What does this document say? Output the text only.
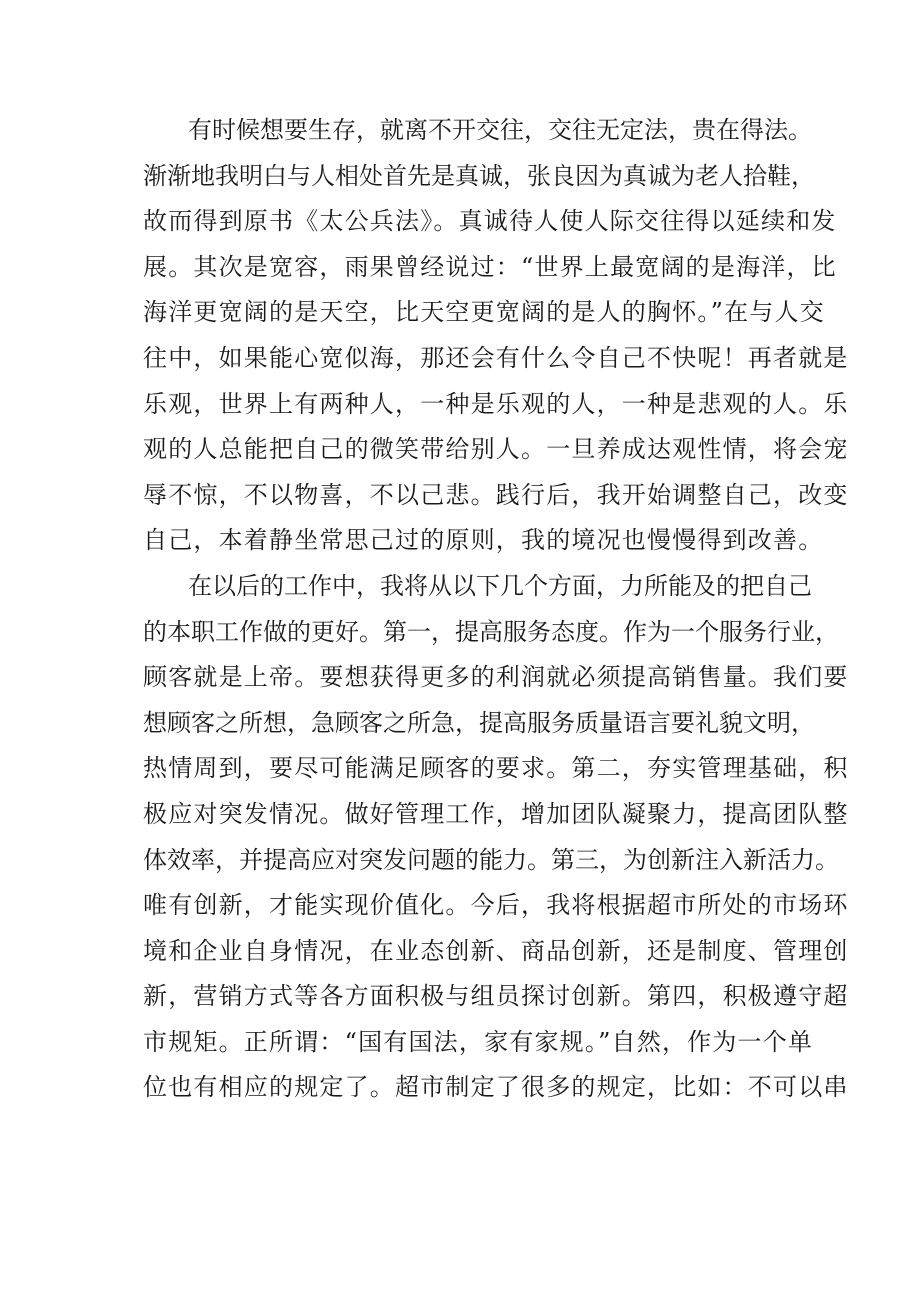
有时候想要生存，就离不开交往，交往无定法，贵在得法。
渐渐地我明白与人相处首先是真诚，张良因为真诚为老人拾鞋，
故而得到原书《太公兵法》。真诚待人使人际交往得以延续和发
展。其次是宽容，雨果曾经说过：“世界上最宽阔的是海洋，比
海洋更宽阔的是天空，比天空更宽阔的是人的胸怀。”在与人交
往中，如果能心宽似海，那还会有什么令自己不快呢！再者就是
乐观，世界上有两种人，一种是乐观的人，一种是悲观的人。乐
观的人总能把自己的微笑带给别人。一旦养成达观性情，将会宠
辱不惊，不以物喜，不以己悲。践行后，我开始调整自己，改变
自己，本着静坐常思己过的原则，我的境况也慢慢得到改善。
在以后的工作中，我将从以下几个方面，力所能及的把自己
的本职工作做的更好。第一，提高服务态度。作为一个服务行业，
顾客就是上帝。要想获得更多的利润就必须提高销售量。我们要
想顾客之所想，急顾客之所急，提高服务质量语言要礼貌文明，
热情周到，要尽可能满足顾客的要求。第二，夯实管理基础，积
极应对突发情况。做好管理工作，增加团队凝聚力，提高团队整
体效率，并提高应对突发问题的能力。第三，为创新注入新活力。
唯有创新，才能实现价值化。今后，我将根据超市所处的市场环
境和企业自身情况，在业态创新、商品创新，还是制度、管理创
新，营销方式等各方面积极与组员探讨创新。第四，积极遵守超
市规矩。正所谓：“国有国法，家有家规。”自然，作为一个单
位也有相应的规定了。超市制定了很多的规定，比如：不可以串
